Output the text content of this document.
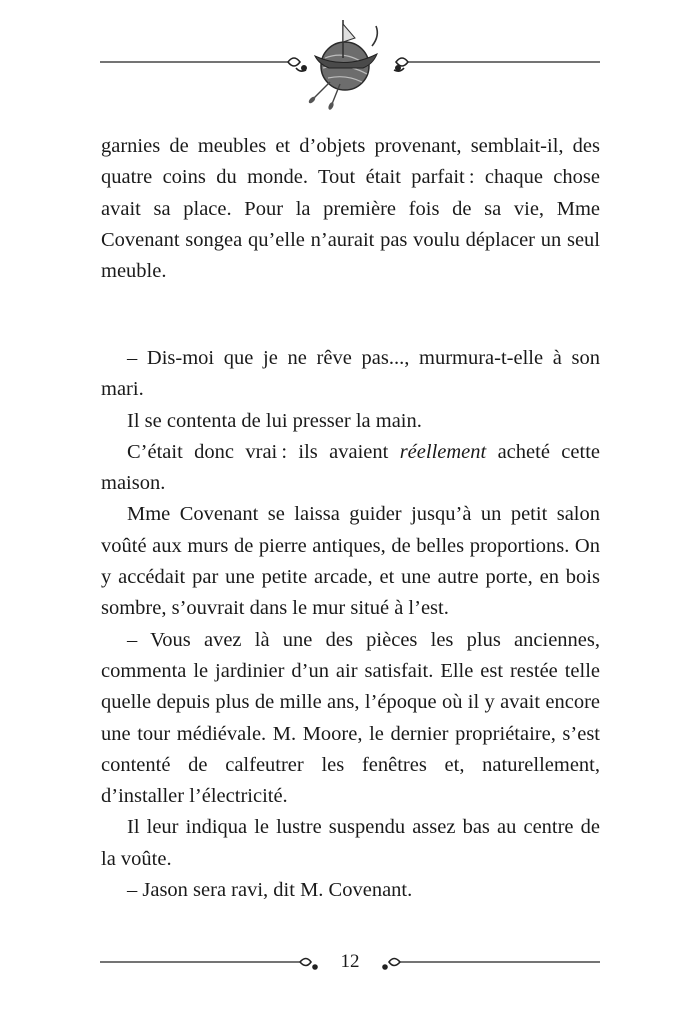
garnies de meubles et d’objets provenant, semblait-il, des quatre coins du monde. Tout était parfait : chaque chose avait sa place. Pour la première fois de sa vie, Mme Covenant songea qu’elle n’aurait pas voulu déplacer un seul meuble.

– Dis-moi que je ne rêve pas..., murmura-t-elle à son mari.

Il se contenta de lui presser la main.

C’était donc vrai : ils avaient réellement acheté cette maison.

Mme Covenant se laissa guider jusqu’à un petit salon voûté aux murs de pierre antiques, de belles proportions. On y accédait par une petite arcade, et une autre porte, en bois sombre, s’ouvrait dans le mur situé à l’est.

– Vous avez là une des pièces les plus anciennes, commenta le jardinier d’un air satisfait. Elle est restée telle quelle depuis plus de mille ans, l’époque où il y avait encore une tour médiévale. M. Moore, le dernier propriétaire, s’est contenté de calfeutrer les fenêtres et, naturellement, d’installer l’électricité.

Il leur indiqua le lustre suspendu assez bas au centre de la voûte.

– Jason sera ravi, dit M. Covenant.

12
